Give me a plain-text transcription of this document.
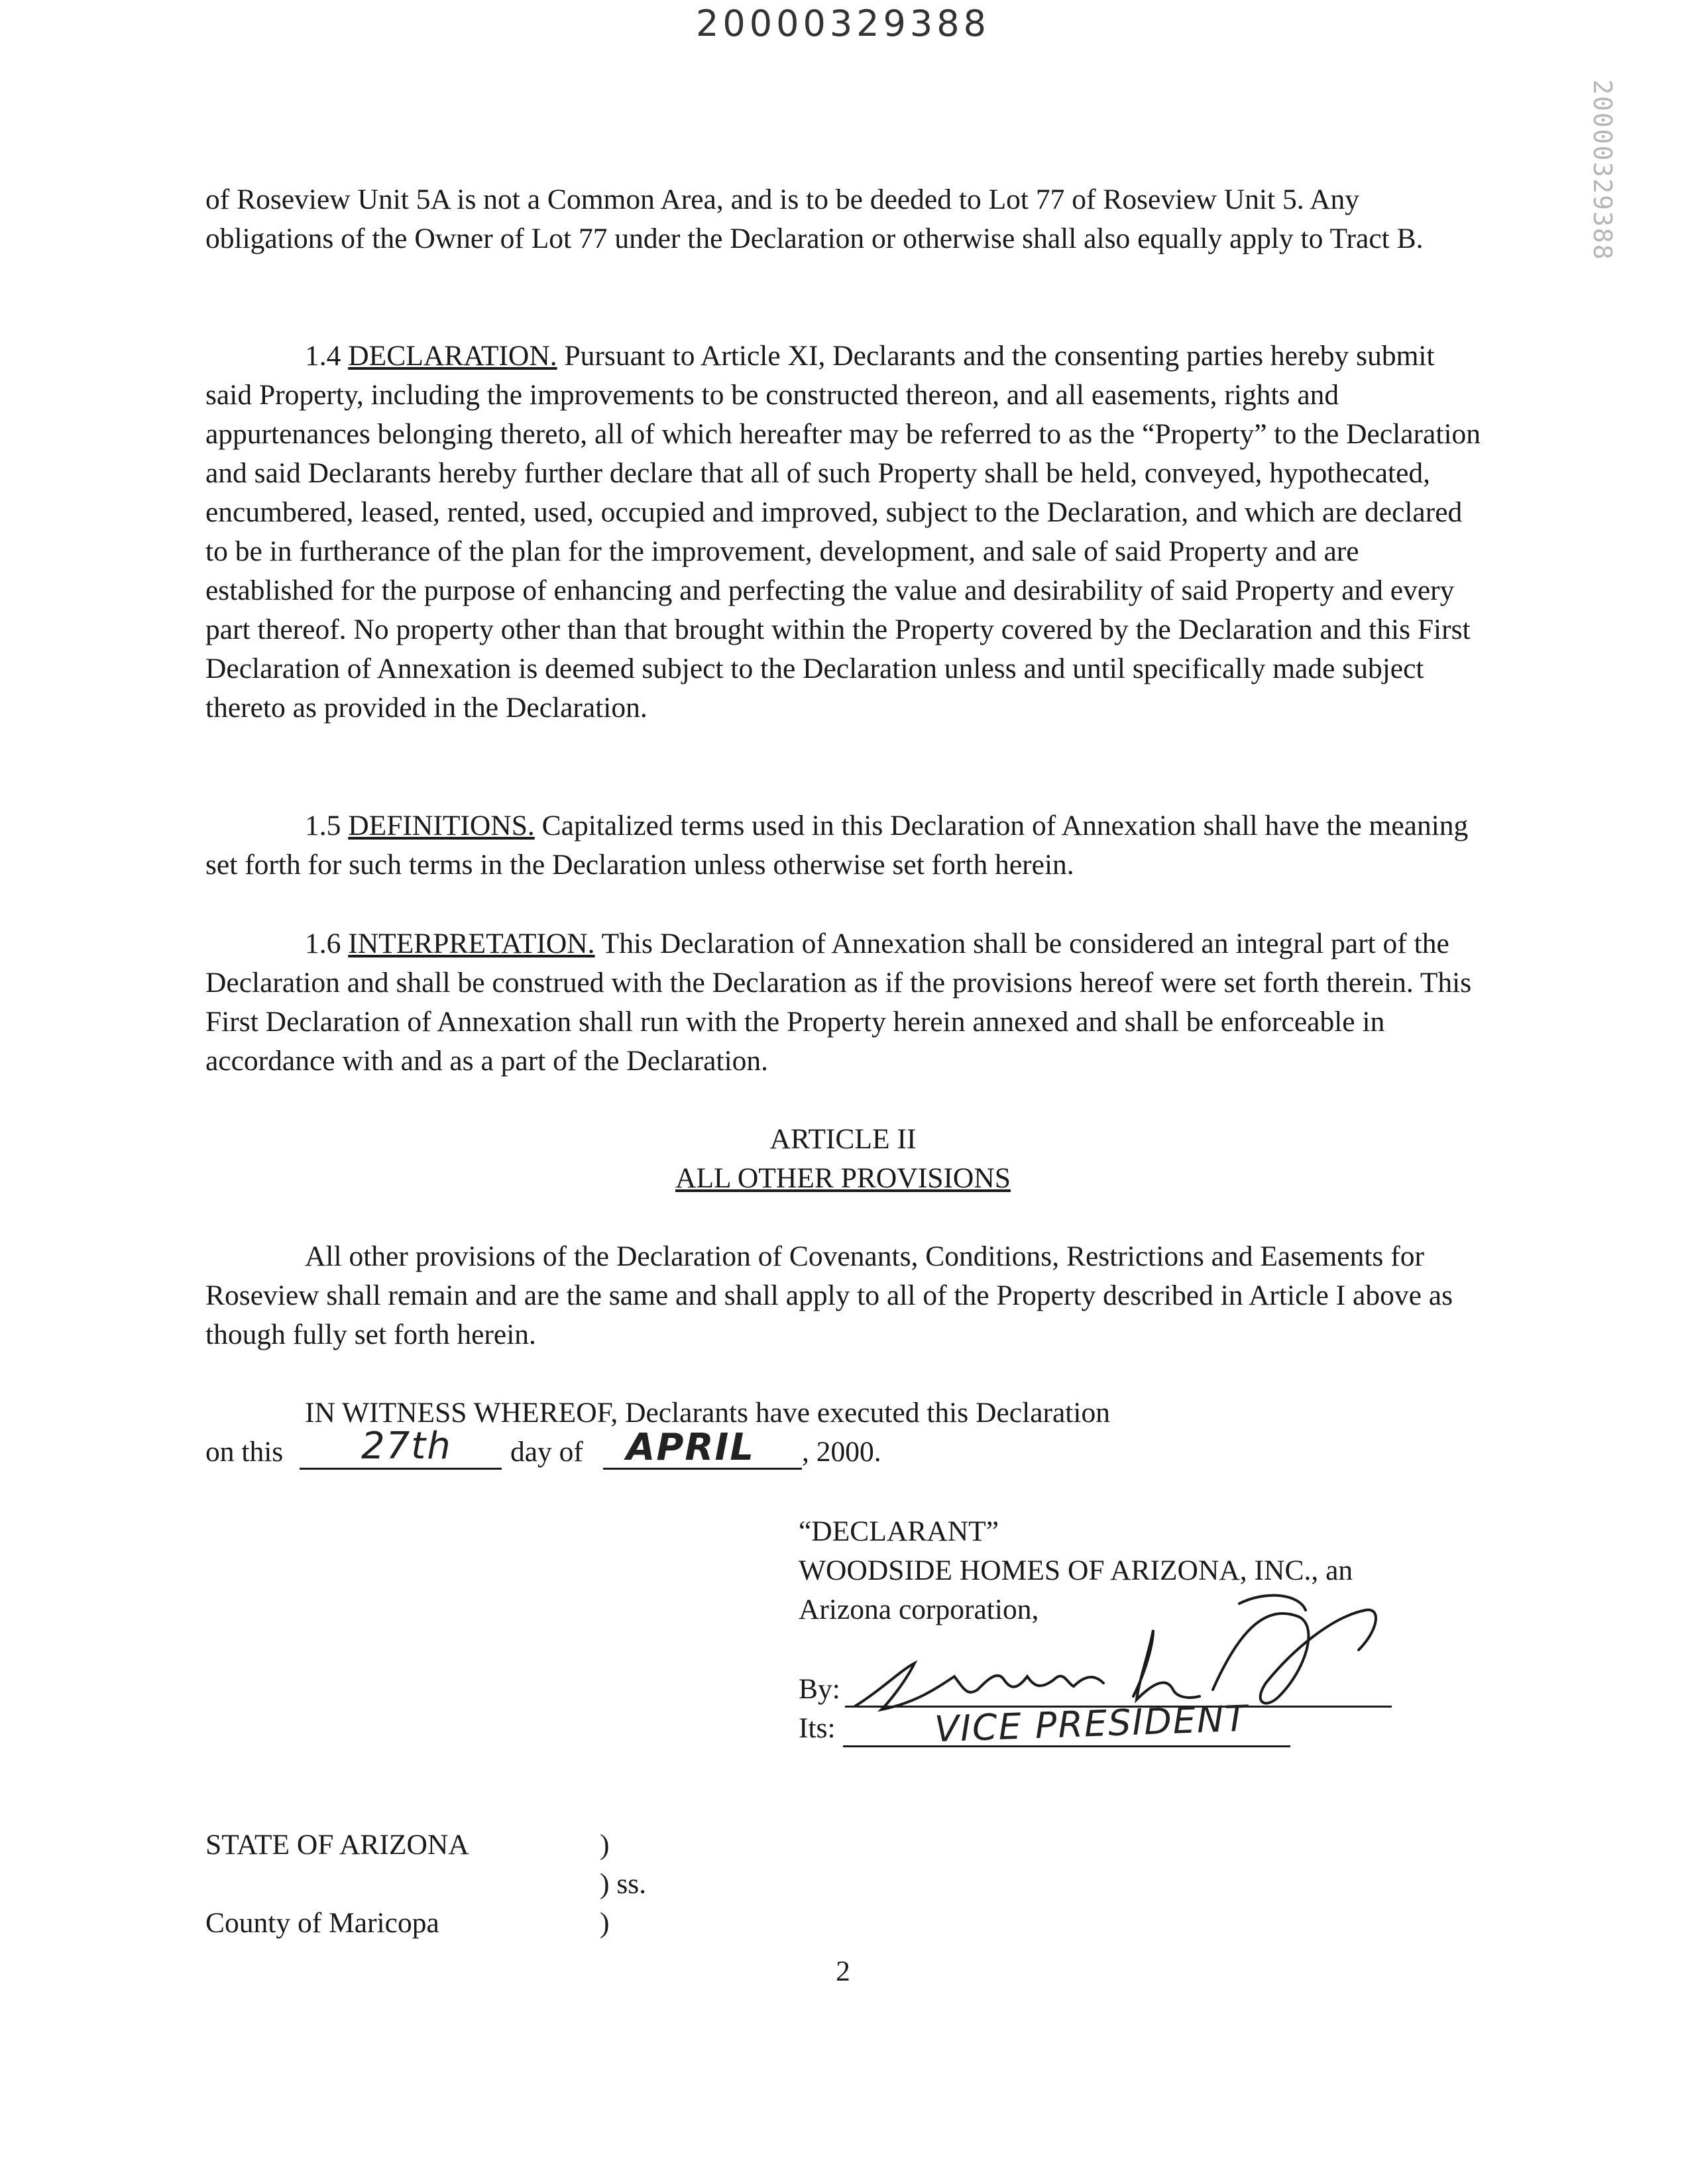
20000329388
20000329388

of Roseview Unit 5A is not a Common Area, and is to be deeded to Lot 77 of Roseview Unit 5. Any obligations of the Owner of Lot 77 under the Declaration or otherwise shall also equally apply to Tract B.

1.4 DECLARATION. Pursuant to Article XI, Declarants and the consenting parties hereby submit said Property, including the improvements to be constructed thereon, and all easements, rights and appurtenances belonging thereto, all of which hereafter may be referred to as the “Property” to the Declaration and said Declarants hereby further declare that all of such Property shall be held, conveyed, hypothecated, encumbered, leased, rented, used, occupied and improved, subject to the Declaration, and which are declared to be in furtherance of the plan for the improvement, development, and sale of said Property and are established for the purpose of enhancing and perfecting the value and desirability of said Property and every part thereof. No property other than that brought within the Property covered by the Declaration and this First Declaration of Annexation is deemed subject to the Declaration unless and until specifically made subject thereto as provided in the Declaration.

1.5 DEFINITIONS. Capitalized terms used in this Declaration of Annexation shall have the meaning set forth for such terms in the Declaration unless otherwise set forth herein.

1.6 INTERPRETATION. This Declaration of Annexation shall be considered an integral part of the Declaration and shall be construed with the Declaration as if the provisions hereof were set forth therein. This First Declaration of Annexation shall run with the Property herein annexed and shall be enforceable in accordance with and as a part of the Declaration.

ARTICLE II
ALL OTHER PROVISIONS

All other provisions of the Declaration of Covenants, Conditions, Restrictions and Easements for Roseview shall remain and are the same and shall apply to all of the Property described in Article I above as though fully set forth herein.

IN WITNESS WHEREOF, Declarants have executed this Declaration
on this 27th day of APRIL , 2000.
“DECLARANT”
WOODSIDE HOMES OF ARIZONA, INC., an
Arizona corporation,
By:
Its:	VICE PRESIDENT
STATE OF ARIZONA	)
) ss.
County of Maricopa	)
2
